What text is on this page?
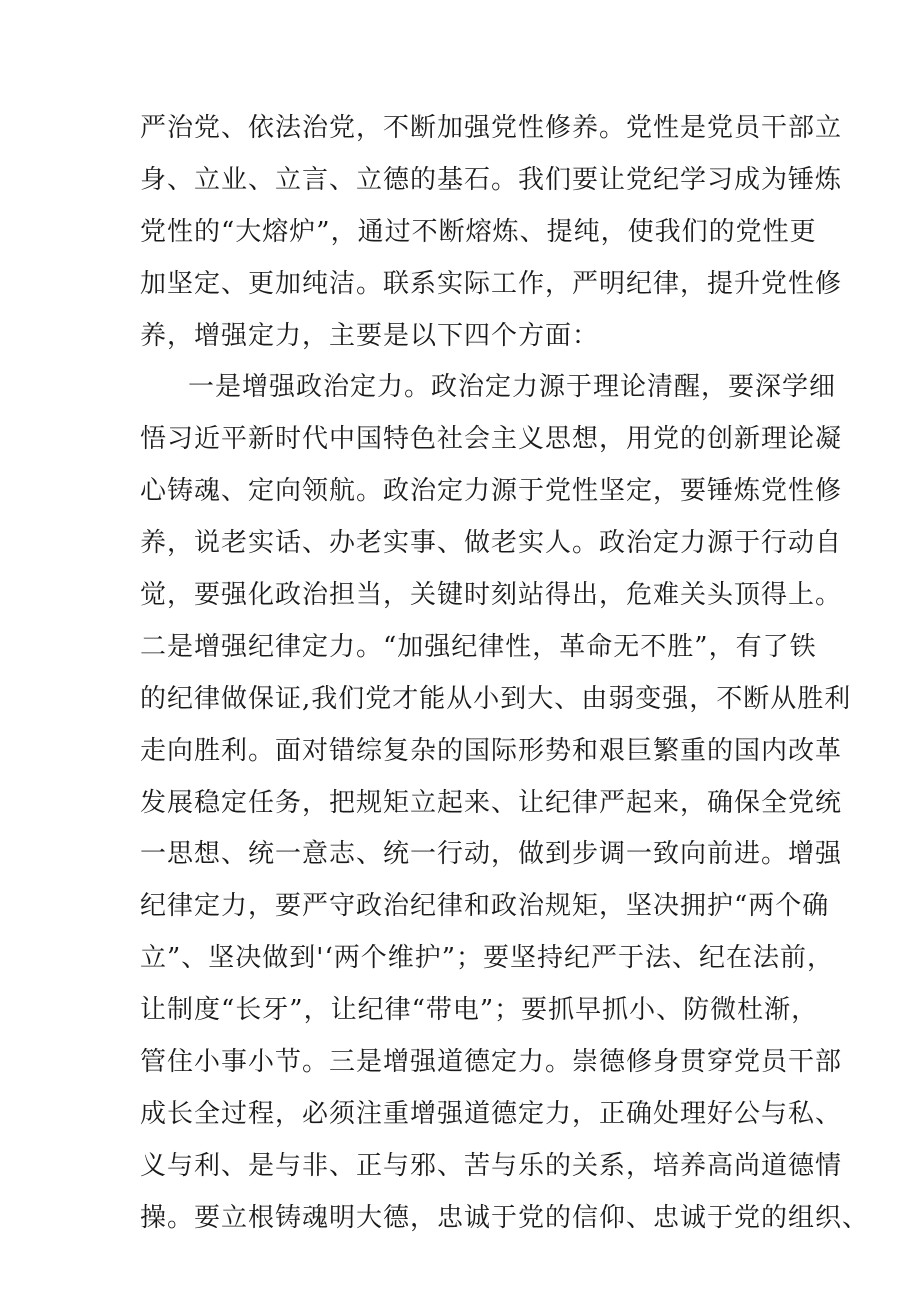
严治党、依法治党，不断加强党性修养。党性是党员干部立
身、立业、立言、立德的基石。我们要让党纪学习成为锤炼
党性的“大熔炉”，通过不断熔炼、提纯，使我们的党性更
加坚定、更加纯洁。联系实际工作，严明纪律，提升党性修
养，增强定力，主要是以下四个方面：
一是增强政治定力。政治定力源于理论清醒，要深学细
悟习近平新时代中国特色社会主义思想，用党的创新理论凝
心铸魂、定向领航。政治定力源于党性坚定，要锤炼党性修
养，说老实话、办老实事、做老实人。政治定力源于行动自
觉，要强化政治担当，关键时刻站得出，危难关头顶得上。
二是增强纪律定力。“加强纪律性，革命无不胜”，有了铁
的纪律做保证,我们党才能从小到大、由弱变强，不断从胜利
走向胜利。面对错综复杂的国际形势和艰巨繁重的国内改革
发展稳定任务，把规矩立起来、让纪律严起来，确保全党统
一思想、统一意志、统一行动，做到步调一致向前进。增强
纪律定力，要严守政治纪律和政治规矩，坚决拥护“两个确
立”、坚决做到'‘两个维护”；要坚持纪严于法、纪在法前，
让制度“长牙”，让纪律“带电”；要抓早抓小、防微杜渐，
管住小事小节。三是增强道德定力。崇德修身贯穿党员干部
成长全过程，必须注重增强道德定力，正确处理好公与私、
义与利、是与非、正与邪、苦与乐的关系，培养高尚道德情
操。要立根铸魂明大德，忠诚于党的信仰、忠诚于党的组织、
